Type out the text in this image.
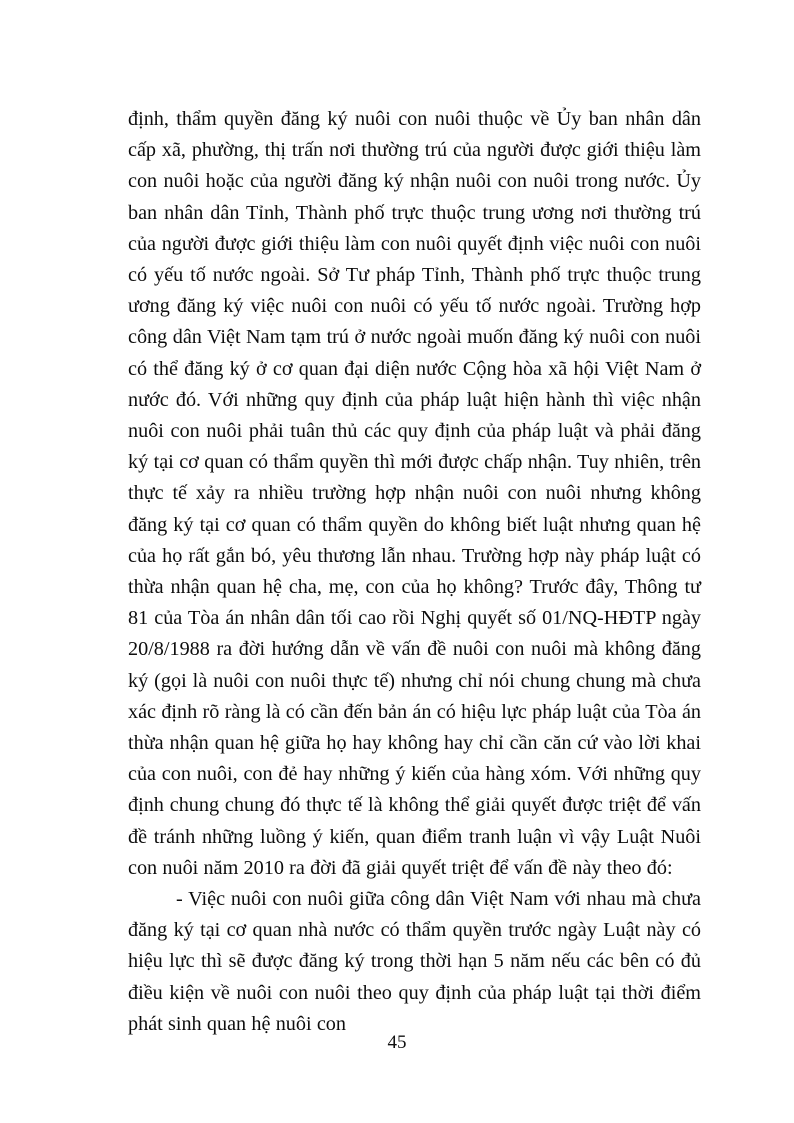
định, thẩm quyền đăng ký nuôi con nuôi thuộc về Ủy ban nhân dân cấp xã, phường, thị trấn nơi thường trú của người được giới thiệu làm con nuôi hoặc của người đăng ký nhận nuôi con nuôi trong nước. Ủy ban nhân dân Tỉnh, Thành phố trực thuộc trung ương nơi thường trú của người được giới thiệu làm con nuôi quyết định việc nuôi con nuôi có yếu tố nước ngoài. Sở Tư pháp Tỉnh, Thành phố trực thuộc trung ương đăng ký việc nuôi con nuôi có yếu tố nước ngoài. Trường hợp công dân Việt Nam tạm trú ở nước ngoài muốn đăng ký nuôi con nuôi có thể đăng ký ở cơ quan đại diện nước Cộng hòa xã hội Việt Nam ở nước đó. Với những quy định của pháp luật hiện hành thì việc nhận nuôi con nuôi phải tuân thủ các quy định của pháp luật và phải đăng ký tại cơ quan có thẩm quyền thì mới được chấp nhận. Tuy nhiên, trên thực tế xảy ra nhiều trường hợp nhận nuôi con nuôi nhưng không đăng ký tại cơ quan có thẩm quyền do không biết luật nhưng quan hệ của họ rất gắn bó, yêu thương lẫn nhau. Trường hợp này pháp luật có thừa nhận quan hệ cha, mẹ, con của họ không? Trước đây, Thông tư 81 của Tòa án nhân dân tối cao rồi Nghị quyết số 01/NQ-HĐTP ngày 20/8/1988 ra đời hướng dẫn về vấn đề nuôi con nuôi mà không đăng ký (gọi là nuôi con nuôi thực tế) nhưng chỉ nói chung chung mà chưa xác định rõ ràng là có cần đến bản án có hiệu lực pháp luật của Tòa án thừa nhận quan hệ giữa họ hay không hay chỉ cần căn cứ vào lời khai của con nuôi, con đẻ hay những ý kiến của hàng xóm. Với những quy định chung chung đó thực tế là không thể giải quyết được triệt để vấn đề tránh những luồng ý kiến, quan điểm tranh luận vì vậy Luật Nuôi con nuôi năm 2010 ra đời đã giải quyết triệt để vấn đề này theo đó:

- Việc nuôi con nuôi giữa công dân Việt Nam với nhau mà chưa đăng ký tại cơ quan nhà nước có thẩm quyền trước ngày Luật này có hiệu lực thì sẽ được đăng ký trong thời hạn 5 năm nếu các bên có đủ điều kiện về nuôi con nuôi theo quy định của pháp luật tại thời điểm phát sinh quan hệ nuôi con

45
